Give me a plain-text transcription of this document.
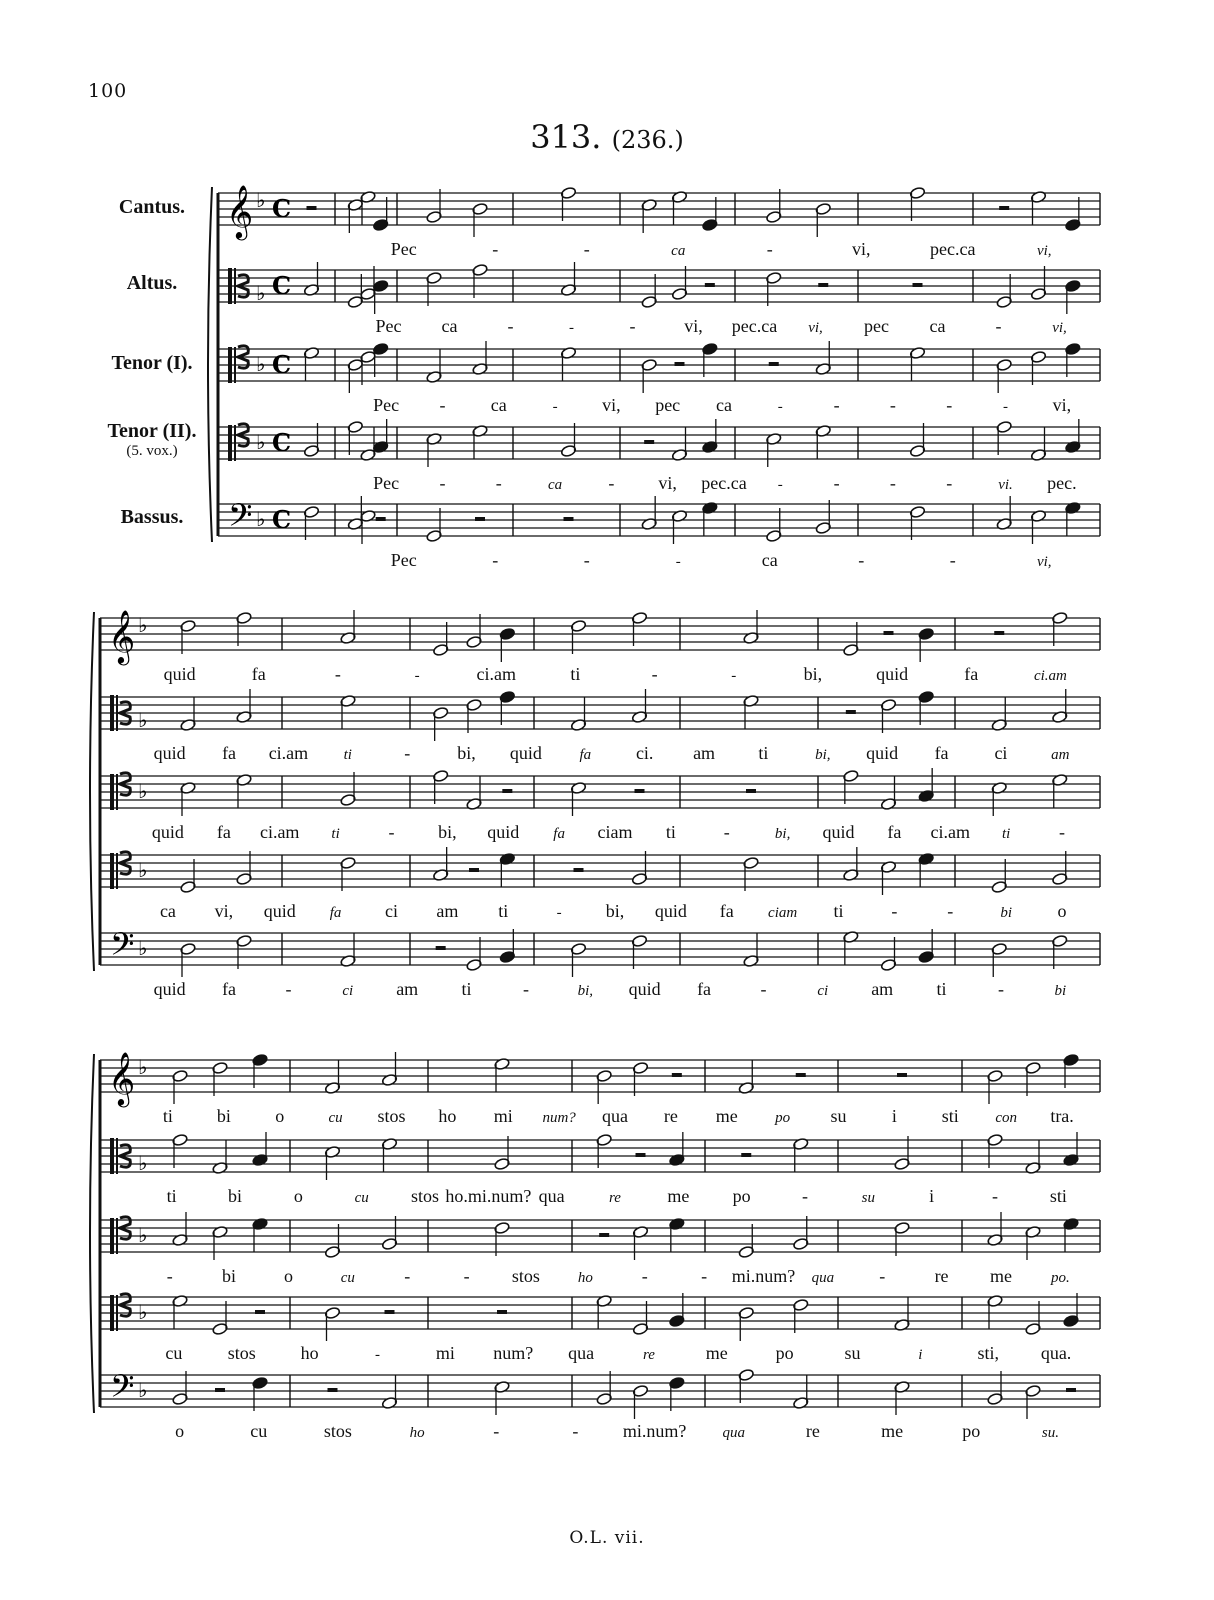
100
313. (236.)
Cantus.
Altus.
Tenor (I).
Tenor (II).
(5. vox.)
Bassus.
𝄞 ♭ C
♭ C
♭ C
♭ C
𝄢 ♭ C
Pec	-	-	ca	-	vi,	pec.ca	vi,
Pec ca	-	-	-	vi, pec.ca vi, pec ca	-	vi,
Pec -	ca	- vi, pec ca	-	-	-	-	- vi,
Pec -	-	ca	- vi, pec.ca -	-	-	-	vi. pec.
Pec	-	-	-	ca	-	-	vi,
𝄞 ♭
♭
♭
♭
𝄢 ♭
quid	fa	-	-	ci.am	ti	-	-	bi,	quid	fa	ci.am
quid fa ci.am ti	-	bi, quid	fa ci. am ti	bi, quid fa	ci	am
quid fa ci.am ti	- bi, quid fa ciam ti	-	bi, quid fa ci.am ti	-
ca vi, quid fa ci am ti	- bi, quid fa ciam ti	-	-	bi	o
quid fa	-	ci am ti	-	bi, quid fa	-	ci am ti	-	bi
𝄞 ♭
♭
♭
♭
𝄢 ♭
ti bi o	cu stos ho mi num? qua re me po su	i sti con tra.
ti	bi	o	cu stos ho.mi.num? qua	re	me po	-	su	i	-	sti
-	bi	o	cu	-	- stos	ho	-	- mi.num? qua	-	re me	po.
cu	stos ho	-	mi num? qua	re	me	po	su	i	sti, qua.
o	cu	stos	ho	-	- mi.num? qua	re	me	po	su.
O.L. vii.
